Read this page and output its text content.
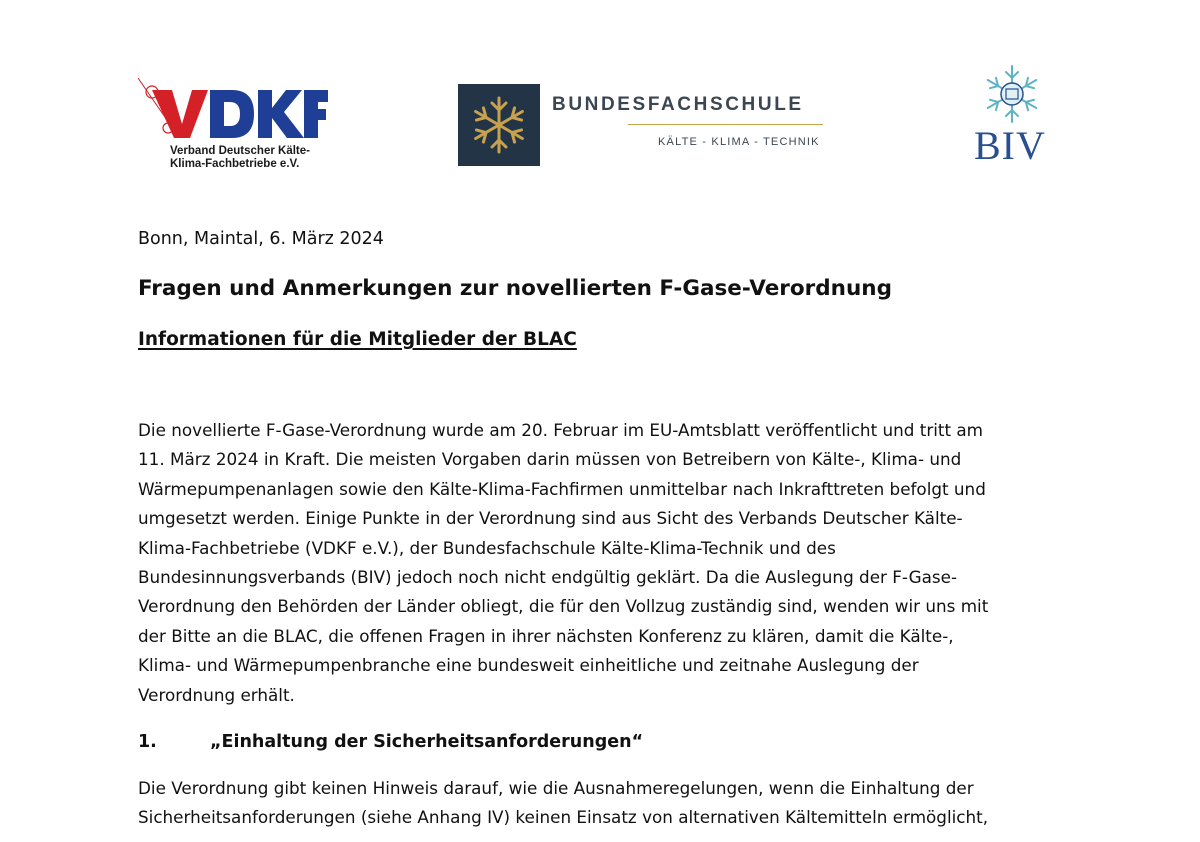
Verband Deutscher Kälte-
Klima-Fachbetriebe e.V.
BUNDESFACHSCHULE
KÄLTE - KLIMA - TECHNIK	BIV

Bonn, Maintal, 6. März 2024

Fragen und Anmerkungen zur novellierten F-Gase-Verordnung
Informationen für die Mitglieder der BLAC

Die novellierte F-Gase-Verordnung wurde am 20. Februar im EU-Amtsblatt veröffentlicht und tritt am
11. März 2024 in Kraft. Die meisten Vorgaben darin müssen von Betreibern von Kälte-, Klima- und
Wärmepumpenanlagen sowie den Kälte-Klima-Fachfirmen unmittelbar nach Inkrafttreten befolgt und
umgesetzt werden. Einige Punkte in der Verordnung sind aus Sicht des Verbands Deutscher Kälte-
Klima-Fachbetriebe (VDKF e.V.), der Bundesfachschule Kälte-Klima-Technik und des
Bundesinnungsverbands (BIV) jedoch noch nicht endgültig geklärt. Da die Auslegung der F-Gase-
Verordnung den Behörden der Länder obliegt, die für den Vollzug zuständig sind, wenden wir uns mit
der Bitte an die BLAC, die offenen Fragen in ihrer nächsten Konferenz zu klären, damit die Kälte-,
Klima- und Wärmepumpenbranche eine bundesweit einheitliche und zeitnahe Auslegung der
Verordnung erhält.

1.	„Einhaltung der Sicherheitsanforderungen“

Die Verordnung gibt keinen Hinweis darauf, wie die Ausnahmeregelungen, wenn die Einhaltung der
Sicherheitsanforderungen (siehe Anhang IV) keinen Einsatz von alternativen Kältemitteln ermöglicht,
